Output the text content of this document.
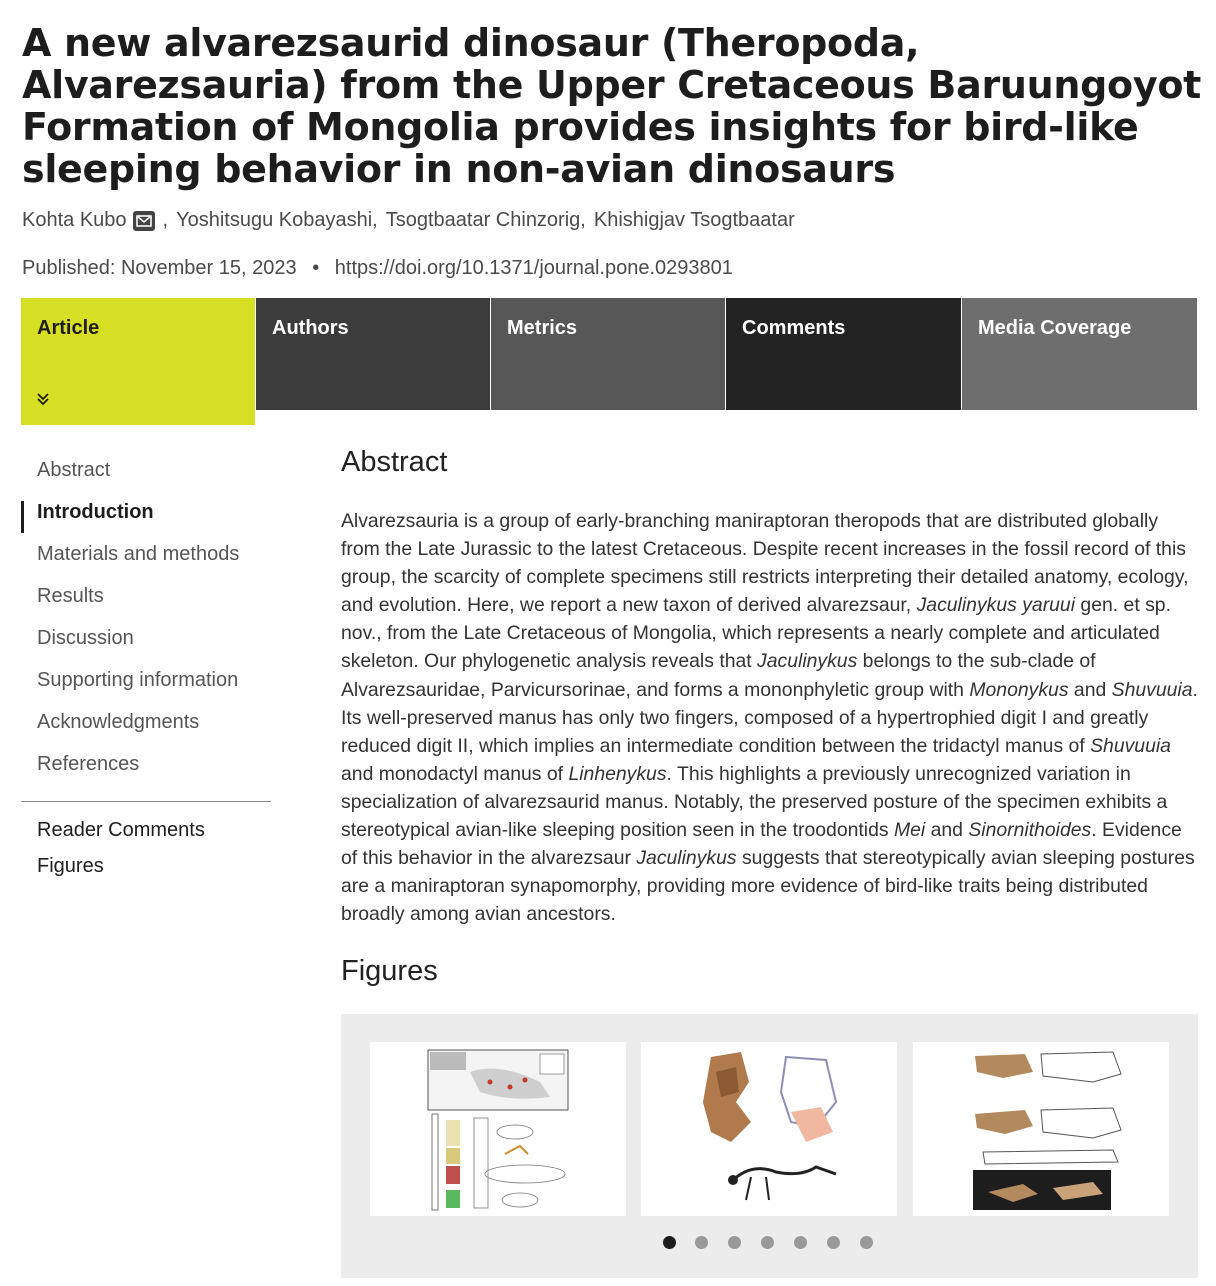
A new alvarezsaurid dinosaur (Theropoda, Alvarezsauria) from the Upper Cretaceous Baruungoyot Formation of Mongolia provides insights for bird-like sleeping behavior in non-avian dinosaurs
Kohta Kubo , Yoshitsugu Kobayashi , Tsogtbaatar Chinzorig , Khishigjav Tsogtbaatar
Published: November 15, 2023 • https://doi.org/10.1371/journal.pone.0293801
Article	Authors	Metrics	Comments	Media Coverage
Abstract
Introduction
Materials and methods
Results
Discussion
Supporting information
Acknowledgments
References
Reader Comments
Figures
Abstract

Alvarezsauria is a group of early-branching maniraptoran theropods that are distributed globally from the Late Jurassic to the latest Cretaceous. Despite recent increases in the fossil record of this group, the scarcity of complete specimens still restricts interpreting their detailed anatomy, ecology, and evolution. Here, we report a new taxon of derived alvarezsaur, Jaculinykus yaruui gen. et sp. nov., from the Late Cretaceous of Mongolia, which represents a nearly complete and articulated skeleton. Our phylogenetic analysis reveals that Jaculinykus belongs to the sub-clade of Alvarezsauridae, Parvicursorinae, and forms a mononphyletic group with Mononykus and Shuvuuia. Its well-preserved manus has only two fingers, composed of a hypertrophied digit I and greatly reduced digit II, which implies an intermediate condition between the tridactyl manus of Shuvuuia and monodactyl manus of Linhenykus. This highlights a previously unrecognized variation in specialization of alvarezsaurid manus. Notably, the preserved posture of the specimen exhibits a stereotypical avian-like sleeping position seen in the troodontids Mei and Sinornithoides. Evidence of this behavior in the alvarezsaur Jaculinykus suggests that stereotypically avian sleeping postures are a maniraptoran synapomorphy, providing more evidence of bird-like traits being distributed broadly among avian ancestors.

Figures
